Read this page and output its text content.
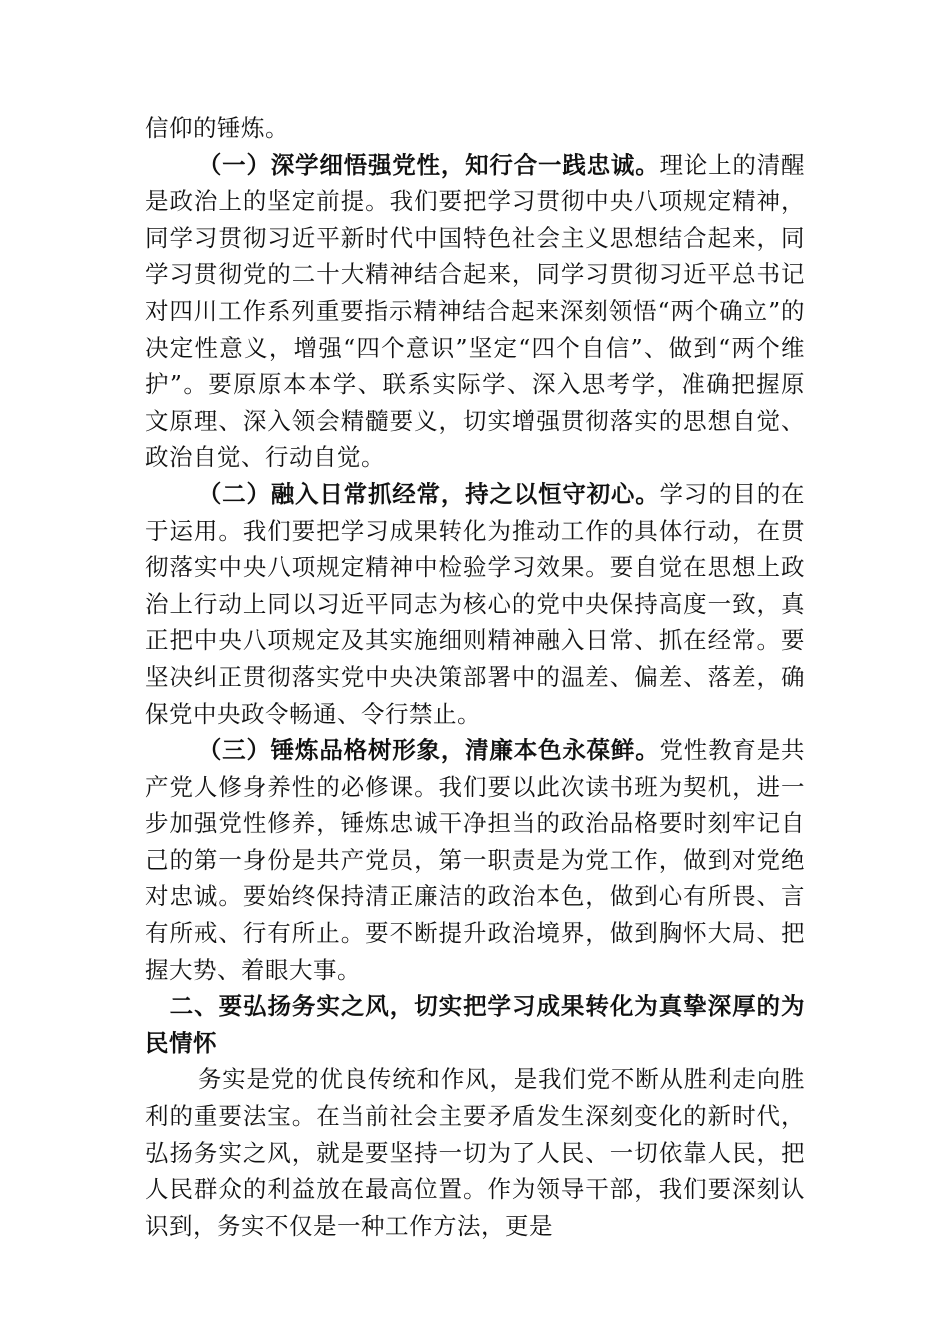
信仰的锤炼。

（一）深学细悟强党性，知行合一践忠诚。理论上的清醒是政治上的坚定前提。我们要把学习贯彻中央八项规定精神，同学习贯彻习近平新时代中国特色社会主义思想结合起来，同学习贯彻党的二十大精神结合起来，同学习贯彻习近平总书记对四川工作系列重要指示精神结合起来深刻领悟“两个确立”的决定性意义，增强“四个意识”坚定“四个自信”、做到“两个维护”。要原原本本学、联系实际学、深入思考学，准确把握原文原理、深入领会精髓要义，切实增强贯彻落实的思想自觉、政治自觉、行动自觉。

（二）融入日常抓经常，持之以恒守初心。学习的目的在于运用。我们要把学习成果转化为推动工作的具体行动，在贯彻落实中央八项规定精神中检验学习效果。要自觉在思想上政治上行动上同以习近平同志为核心的党中央保持高度一致，真正把中央八项规定及其实施细则精神融入日常、抓在经常。要坚决纠正贯彻落实党中央决策部署中的温差、偏差、落差，确保党中央政令畅通、令行禁止。

（三）锤炼品格树形象，清廉本色永葆鲜。党性教育是共产党人修身养性的必修课。我们要以此次读书班为契机，进一步加强党性修养，锤炼忠诚干净担当的政治品格要时刻牢记自己的第一身份是共产党员，第一职责是为党工作，做到对党绝对忠诚。要始终保持清正廉洁的政治本色，做到心有所畏、言有所戒、行有所止。要不断提升政治境界，做到胸怀大局、把握大势、着眼大事。

二、要弘扬务实之风，切实把学习成果转化为真挚深厚的为民情怀

务实是党的优良传统和作风，是我们党不断从胜利走向胜利的重要法宝。在当前社会主要矛盾发生深刻变化的新时代，弘扬务实之风，就是要坚持一切为了人民、一切依靠人民，把人民群众的利益放在最高位置。作为领导干部，我们要深刻认识到，务实不仅是一种工作方法，更是
